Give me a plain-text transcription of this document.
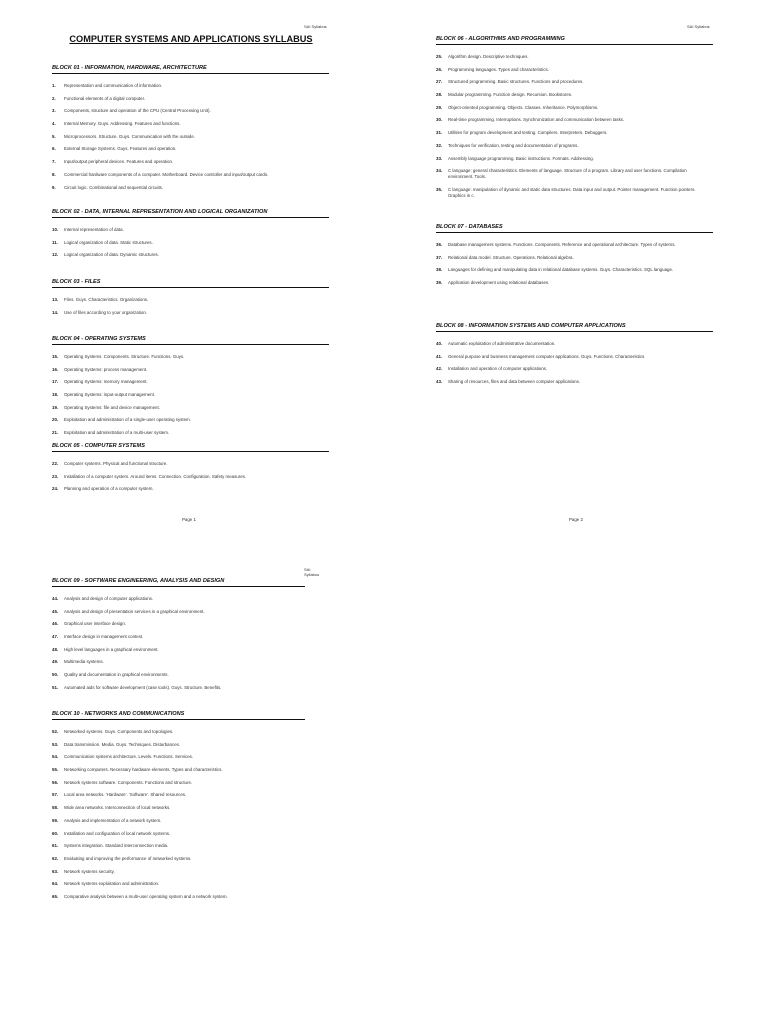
SAI Syllabus
COMPUTER SYSTEMS AND APPLICATIONS SYLLABUS
BLOCK 01 - INFORMATION, HARDWARE, ARCHITECTURE
1.	Representation and communication of information.
2.	Functional elements of a digital computer.
3.	Components, structure and operation of the CPU (Central Processing Unit).
4.	Internal Memory. Guys. Addressing. Features and functions.
5.	Microprocessors. Structure. Guys. Communication with the outside.
6.	External Storage Systems. Guys. Features and operation.
7.	Input/output peripheral devices. Features and operation.
8.	Commercial hardware components of a computer. Motherboard. Device controller and input/output cards.
9.	Circuit logic. Combinational and sequential circuits.
BLOCK 02 - DATA, INTERNAL REPRESENTATION AND LOGICAL ORGANIZATION
10.	Internal representation of data.
11.	Logical organization of data. Static structures.
12.	Logical organization of data. Dynamic structures.
BLOCK 03 - FILES
13.	Files. Guys. Characteristics. Organizations.
14.	Use of files according to your organization.
BLOCK 04 - OPERATING SYSTEMS
15.	Operating Systems. Components. Structure. Functions. Guys.
16.	Operating Systems: process management.
17.	Operating Systems: memory management.
18.	Operating Systems: input-output management.
19.	Operating Systems: file and device management.
20.	Exploitation and administration of a single-user operating system.
21.	Exploitation and administration of a multi-user system.
BLOCK 05 - COMPUTER SYSTEMS
22.	Computer systems. Physical and functional structure.
23.	Installation of a computer system. Around items. Connection. Configuration. Safety measures.
24.	Planning and operation of a computer system.
Page 1
SAI Syllabus
BLOCK 06 - ALGORITHMS AND PROGRAMMING
25.	Algorithm design. Descriptive techniques.
26.	Programming languages. Types and characteristics.
27.	Structured programming. Basic structures. Functions and procedures.
28.	Modular programming. Function design. Recursion. Bookstores.
29.	Object-oriented programming. Objects. Classes. Inheritance. Polymorphisms.
30.	Real-time programming. Interruptions. Synchronization and communication between tasks.
31.	Utilities for program development and testing. Compilers. Interpreters. Debuggers.
32.	Techniques for verification, testing and documentation of programs.
33.	Assembly language programming. Basic instructions. Formats. Addressing.
34.	C language: general characteristics. Elements of language. Structure of a program. Library and user functions. Compilation environment. Tools.
35.	C language: manipulation of dynamic and static data structures. Data input and output. Pointer management. Function pointers. Graphics in c.
BLOCK 07 - DATABASES
36.	Database management systems. Functions. Components. Reference and operational architecture. Types of systems.
37.	Relational data model. Structure. Operations. Relational algebra.
38.	Languages for defining and manipulating data in relational database systems. Guys. Characteristics. SQL language.
39.	Application development using relational databases.
BLOCK 08 - INFORMATION SYSTEMS AND COMPUTER APPLICATIONS
40.	Automatic exploitation of administrative documentation.
41.	General purpose and business management computer applications. Guys. Functions. Characteristics.
42.	Installation and operation of computer applications.
43.	Sharing of resources, files and data between computer applications.
Page 2
SAI
Syllabus
BLOCK 09 - SOFTWARE ENGINEERING, ANALYSIS AND DESIGN
44.	Analysis and design of computer applications.
45.	Analysis and design of presentation services in a graphical environment.
46.	Graphical user interface design.
47.	Interface design in management context.
48.	High level languages in a graphical environment.
49.	Multimedia systems.
50.	Quality and documentation in graphical environments.
51.	Automated aids for software development (case tools). Guys. Structure. Benefits.
BLOCK 10 - NETWORKS AND COMMUNICATIONS
52.	Networked systems. Guys. Components and topologies.
53.	Data transmission. Media. Guys. Techniques. Disturbances.
54.	Communication systems architecture. Levels. Functions. Services.
55.	Networking computers. Necessary hardware elements. Types and characteristics.
56.	Network systems software. Components. Functions and structure.
57.	Local area networks. 'Hardware'. 'Software'. Shared resources.
58.	Wide area networks. Interconnection of local networks.
59.	Analysis and implementation of a network system.
60.	Installation and configuration of local network systems.
61.	Systems integration. Standard interconnection media.
62.	Evaluating and improving the performance of networked systems.
63.	Network systems security.
64.	Network systems exploitation and administration.
65.	Comparative analysis between a multi-user operating system and a network system.
